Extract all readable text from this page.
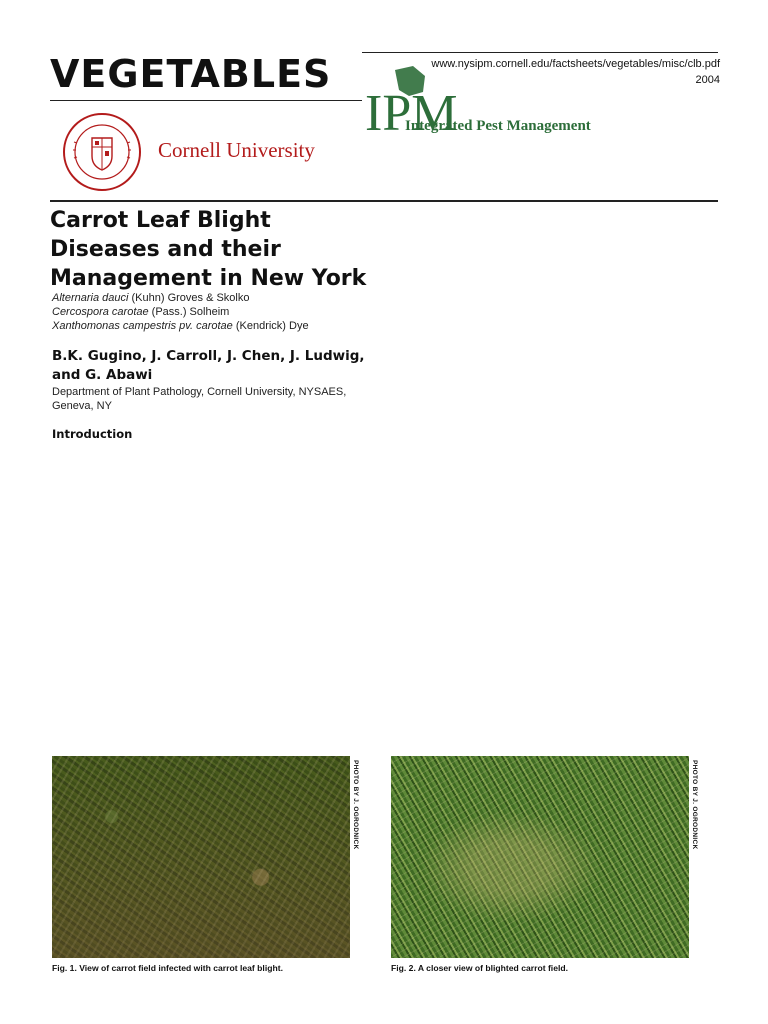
VEGETABLES	www.nysipm.cornell.edu/factsheets/vegetables/misc/clb.pdf
2004
Cornell University
IPM
Integrated Pest Management
Carrot Leaf Blight Diseases and their Management in New York
Alternaria dauci (Kuhn) Groves & Skolko
Cercospora carotae (Pass.) Solheim
Xanthomonas campestris pv. carotae (Kendrick) Dye
B.K. Gugino, J. Carroll, J. Chen, J. Ludwig, and G. Abawi
Department of Plant Pathology, Cornell University, NYSAES, Geneva, NY
Introduction
PHOTO BY J. OGRODNICK
Fig. 1. View of carrot field infected with carrot leaf blight.
PHOTO BY J. OGRODNICK
Fig. 2. A closer view of blighted carrot field.
